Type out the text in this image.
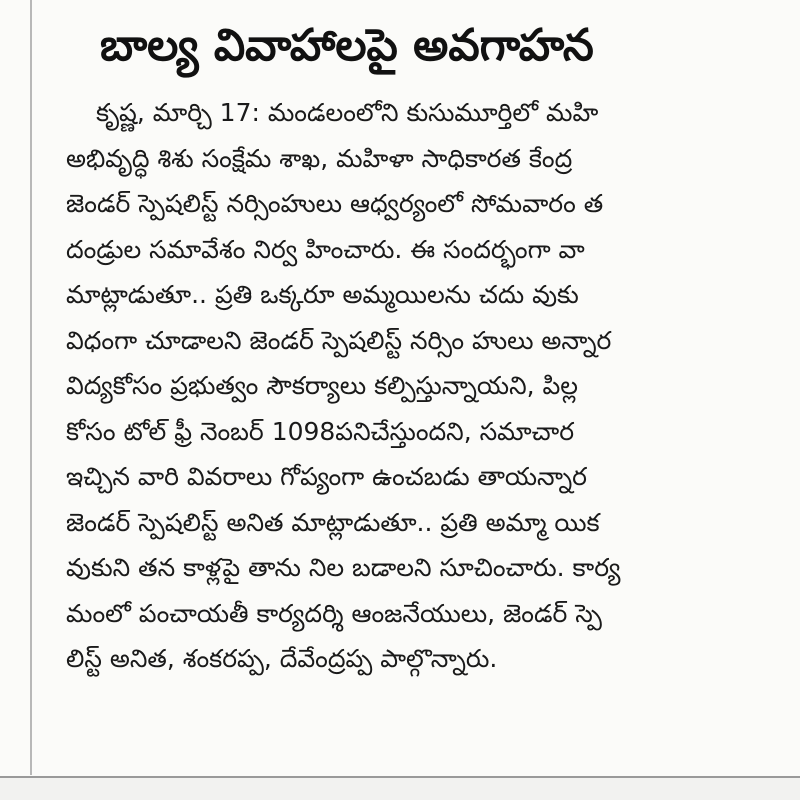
బాల్య వివాహాలపై అవగాహన
కృష్ణ, మార్చి 17: మండలంలోని కుసుమూర్తిలో మహి
అభివృద్ధి శిశు సంక్షేమ శాఖ, మహిళా సాధికారత కేంద్ర
జెండర్ స్పెషలిస్ట్ నర్సింహులు ఆధ్వర్యంలో సోమవారం త
దండ్రుల సమావేశం నిర్వ హించారు. ఈ సందర్భంగా వా
మాట్లాడుతూ.. ప్రతి ఒక్కరూ అమ్మయిలను చదు వుకు
విధంగా చూడాలని జెండర్ స్పెషలిస్ట్ నర్సిం హులు అన్నార
విద్యకోసం ప్రభుత్వం సౌకర్యాలు కల్పిస్తున్నాయని, పిల్ల
కోసం టోల్ ఫ్రీ నెంబర్ 1098పనిచేస్తుందని, సమాచార
ఇచ్చిన వారి వివరాలు గోప్యంగా ఉంచబడు తాయన్నార
జెండర్ స్పెషలిస్ట్ అనిత మాట్లాడుతూ.. ప్రతి అమ్మా యిక
వుకుని తన కాళ్లపై తాను నిల బడాలని సూచించారు. కార్య
మంలో పంచాయతీ కార్యదర్శి ఆంజనేయులు, జెండర్ స్పె
లిస్ట్ అనిత, శంకరప్ప, దేవేంద్రప్ప పాల్గొన్నారు.
